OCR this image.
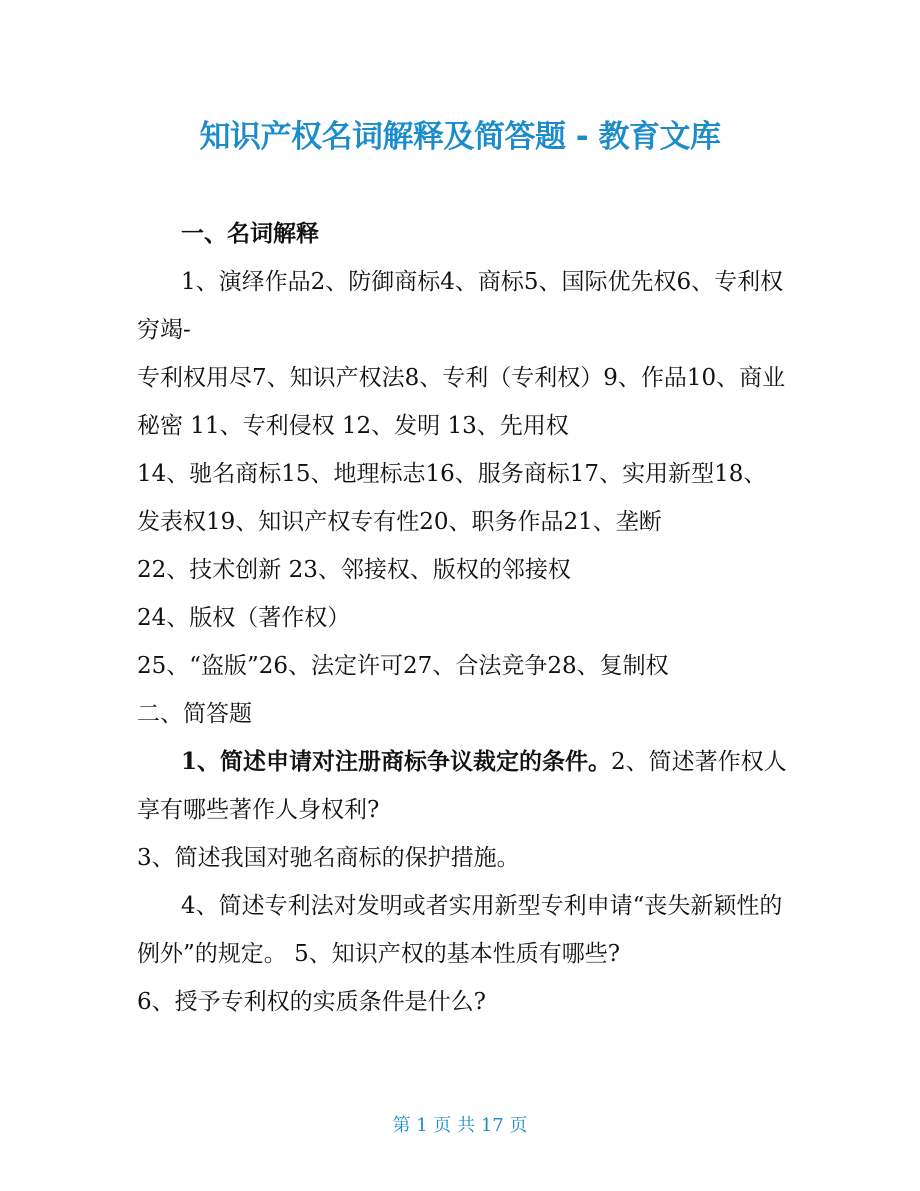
知识产权名词解释及简答题 - 教育文库

一、名词解释

1、演绎作品2、防御商标4、商标5、国际优先权6、专利权穷竭-

专利权用尽7、知识产权法8、专利（专利权）9、作品10、商业秘密 11、专利侵权 12、发明 13、先用权

14、驰名商标15、地理标志16、服务商标17、实用新型18、发表权19、知识产权专有性20、职务作品21、垄断

22、技术创新 23、邻接权、版权的邻接权

24、版权（著作权）

25、“盗版”26、法定许可27、合法竞争28、复制权

二、简答题

1、简述申请对注册商标争议裁定的条件。2、简述著作权人享有哪些著作人身权利?

3、简述我国对驰名商标的保护措施。

4、简述专利法对发明或者实用新型专利申请“丧失新颖性的例外”的规定。 5、知识产权的基本性质有哪些?

6、授予专利权的实质条件是什么?

第 1 页 共 17 页
